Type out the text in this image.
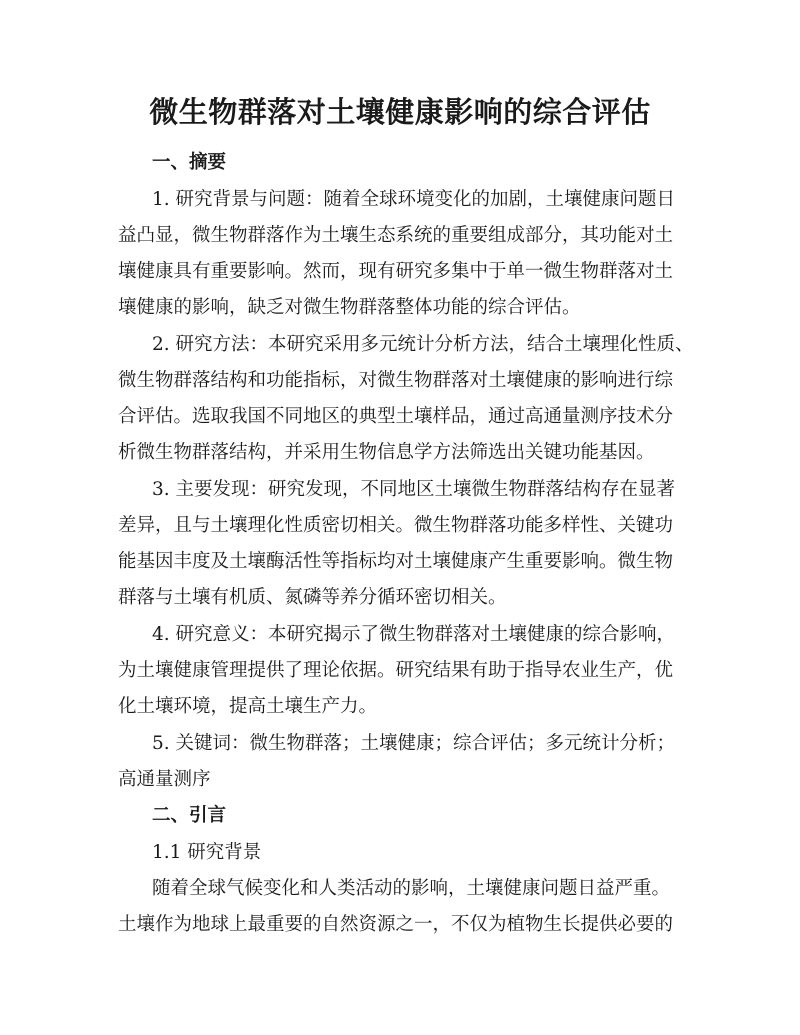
微生物群落对土壤健康影响的综合评估
一、摘要
1. 研究背景与问题：随着全球环境变化的加剧，土壤健康问题日
益凸显，微生物群落作为土壤生态系统的重要组成部分，其功能对土
壤健康具有重要影响。然而，现有研究多集中于单一微生物群落对土
壤健康的影响，缺乏对微生物群落整体功能的综合评估。
2. 研究方法：本研究采用多元统计分析方法，结合土壤理化性质、
微生物群落结构和功能指标，对微生物群落对土壤健康的影响进行综
合评估。选取我国不同地区的典型土壤样品，通过高通量测序技术分
析微生物群落结构，并采用生物信息学方法筛选出关键功能基因。
3. 主要发现：研究发现，不同地区土壤微生物群落结构存在显著
差异，且与土壤理化性质密切相关。微生物群落功能多样性、关键功
能基因丰度及土壤酶活性等指标均对土壤健康产生重要影响。微生物
群落与土壤有机质、氮磷等养分循环密切相关。
4. 研究意义：本研究揭示了微生物群落对土壤健康的综合影响，
为土壤健康管理提供了理论依据。研究结果有助于指导农业生产，优
化土壤环境，提高土壤生产力。
5. 关键词：微生物群落；土壤健康；综合评估；多元统计分析；
高通量测序
二、引言
1.1 研究背景
随着全球气候变化和人类活动的影响，土壤健康问题日益严重。
土壤作为地球上最重要的自然资源之一，不仅为植物生长提供必要的
